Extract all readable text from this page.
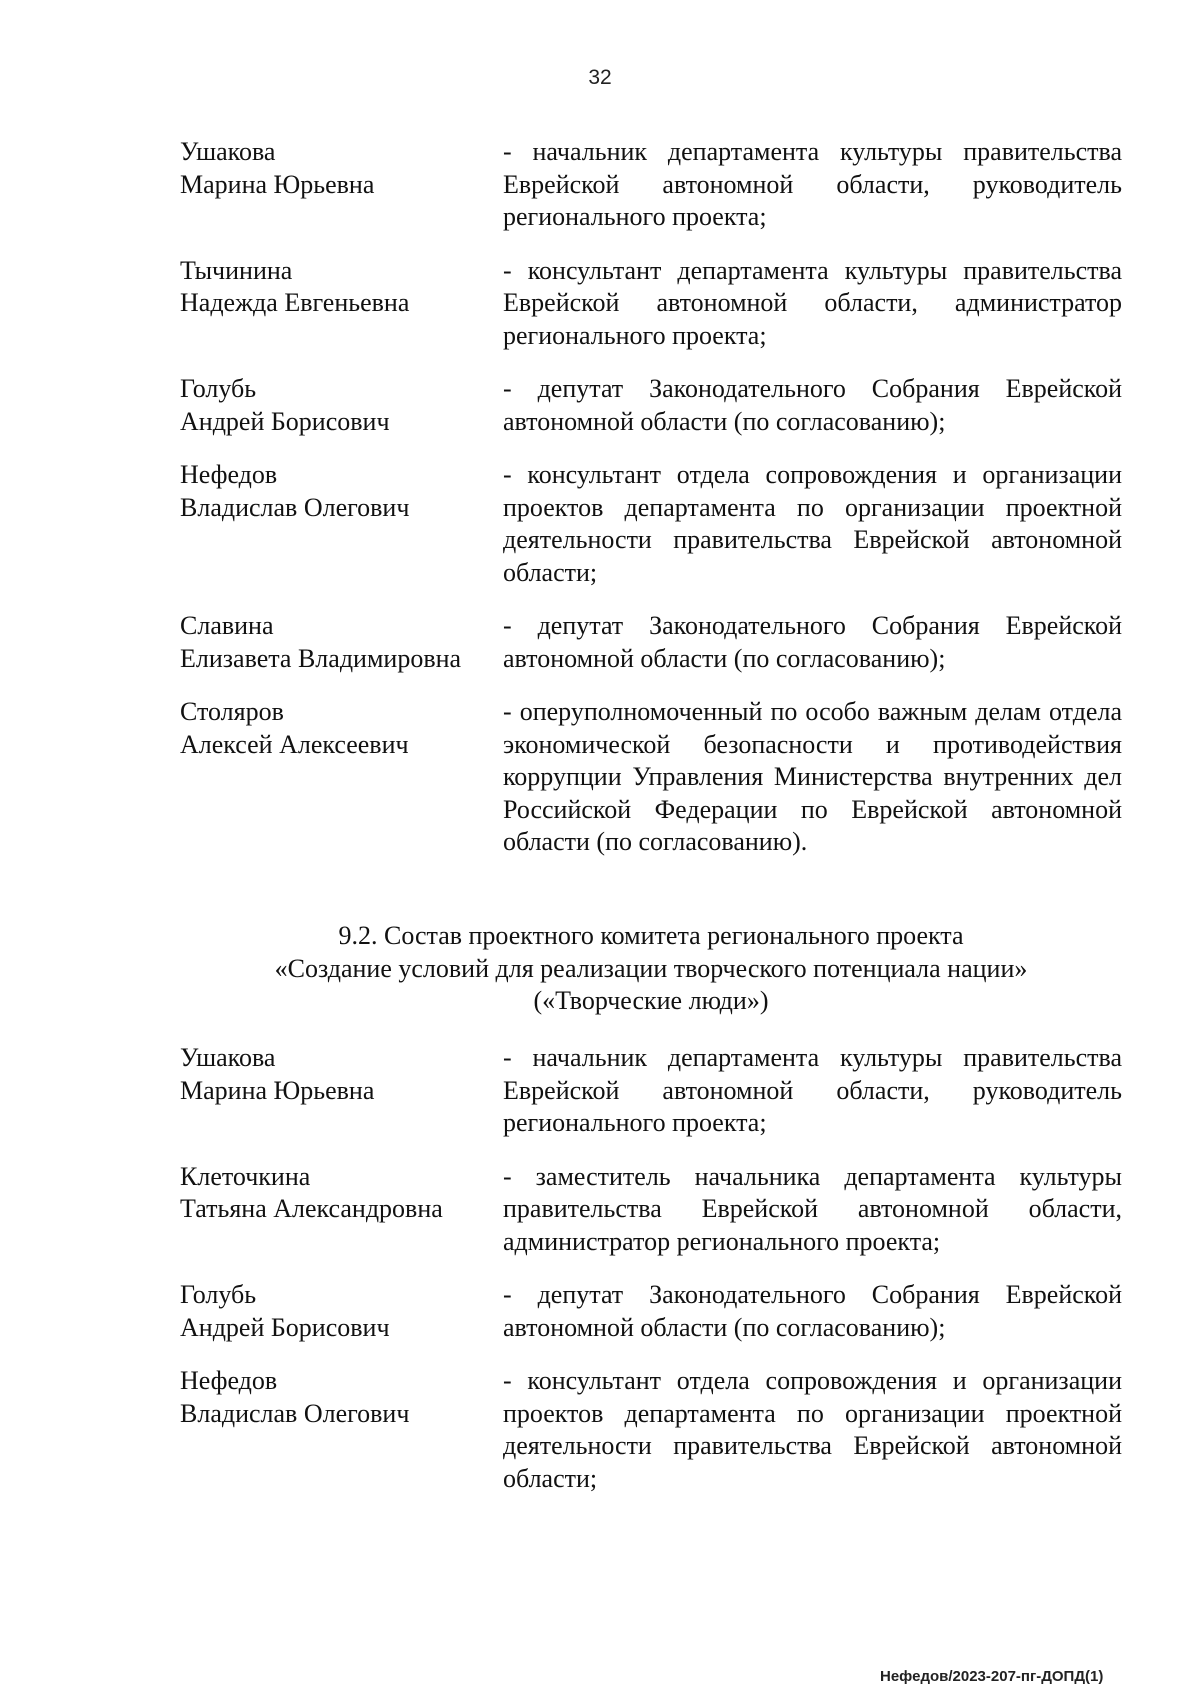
32
Ушакова
Марина Юрьевна
- начальник департамента культуры правительства Еврейской автономной области, руководитель регионального проекта;
Тычинина
Надежда Евгеньевна
- консультант департамента культуры правительства Еврейской автономной области, администратор регионального проекта;
Голубь
Андрей Борисович
- депутат Законодательного Собрания Еврейской автономной области (по согласованию);
Нефедов
Владислав Олегович
- консультант отдела сопровождения и организации проектов департамента по организации проектной деятельности правительства Еврейской автономной области;
Славина
Елизавета Владимировна
- депутат Законодательного Собрания Еврейской автономной области (по согласованию);
Столяров
Алексей Алексеевич
- оперуполномоченный по особо важным делам отдела экономической безопасности и противодействия коррупции Управления Министерства внутренних дел Российской Федерации по Еврейской автономной области (по согласованию).
9.2. Состав проектного комитета регионального проекта
«Создание условий для реализации творческого потенциала нации»
(«Творческие люди»)
Ушакова
Марина Юрьевна
- начальник департамента культуры правительства Еврейской автономной области, руководитель регионального проекта;
Клеточкина
Татьяна Александровна
- заместитель начальника департамента культуры правительства Еврейской автономной области, администратор регионального проекта;
Голубь
Андрей Борисович
- депутат Законодательного Собрания Еврейской автономной области (по согласованию);
Нефедов
Владислав Олегович
- консультант отдела сопровождения и организации проектов департамента по организации проектной деятельности правительства Еврейской автономной области;
Нефедов/2023-207-пг-ДОПД(1)
